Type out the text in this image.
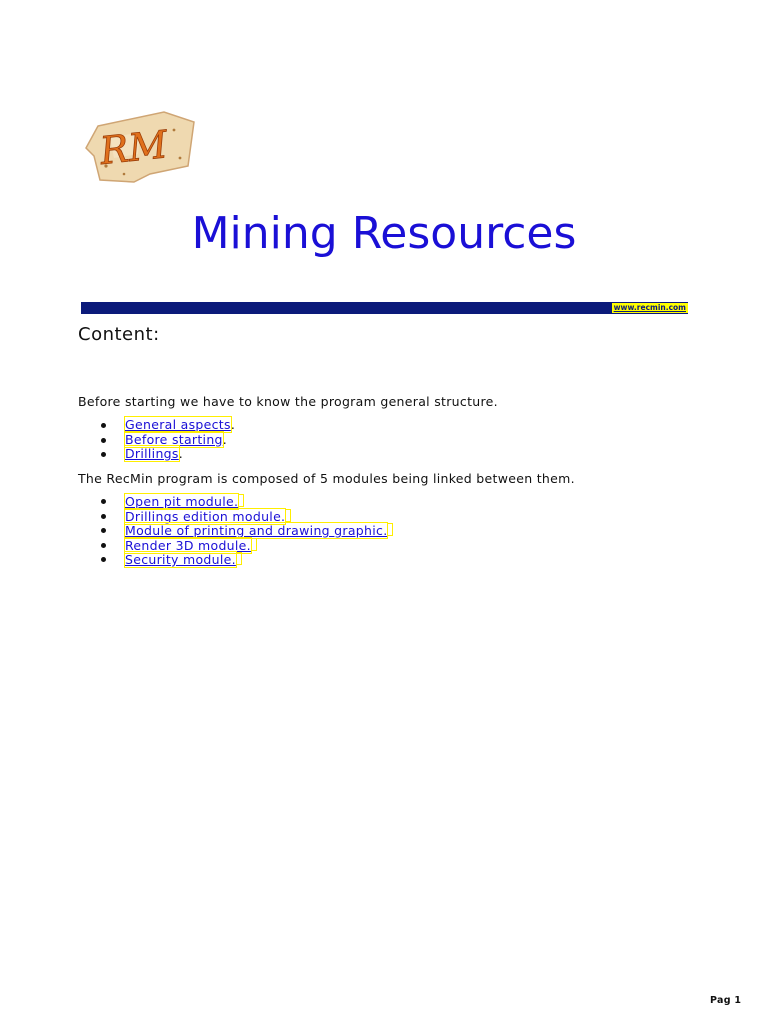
RM
Mining Resources
www.recmin.com
Content:

Before starting we have to know the program general structure.

General aspects.
Before starting.
Drillings.

The RecMin program is composed of 5 modules being linked between them.

Open pit module.
Drillings edition module.
Module of printing and drawing graphic.
Render 3D module.
Security module.
Pag 1
